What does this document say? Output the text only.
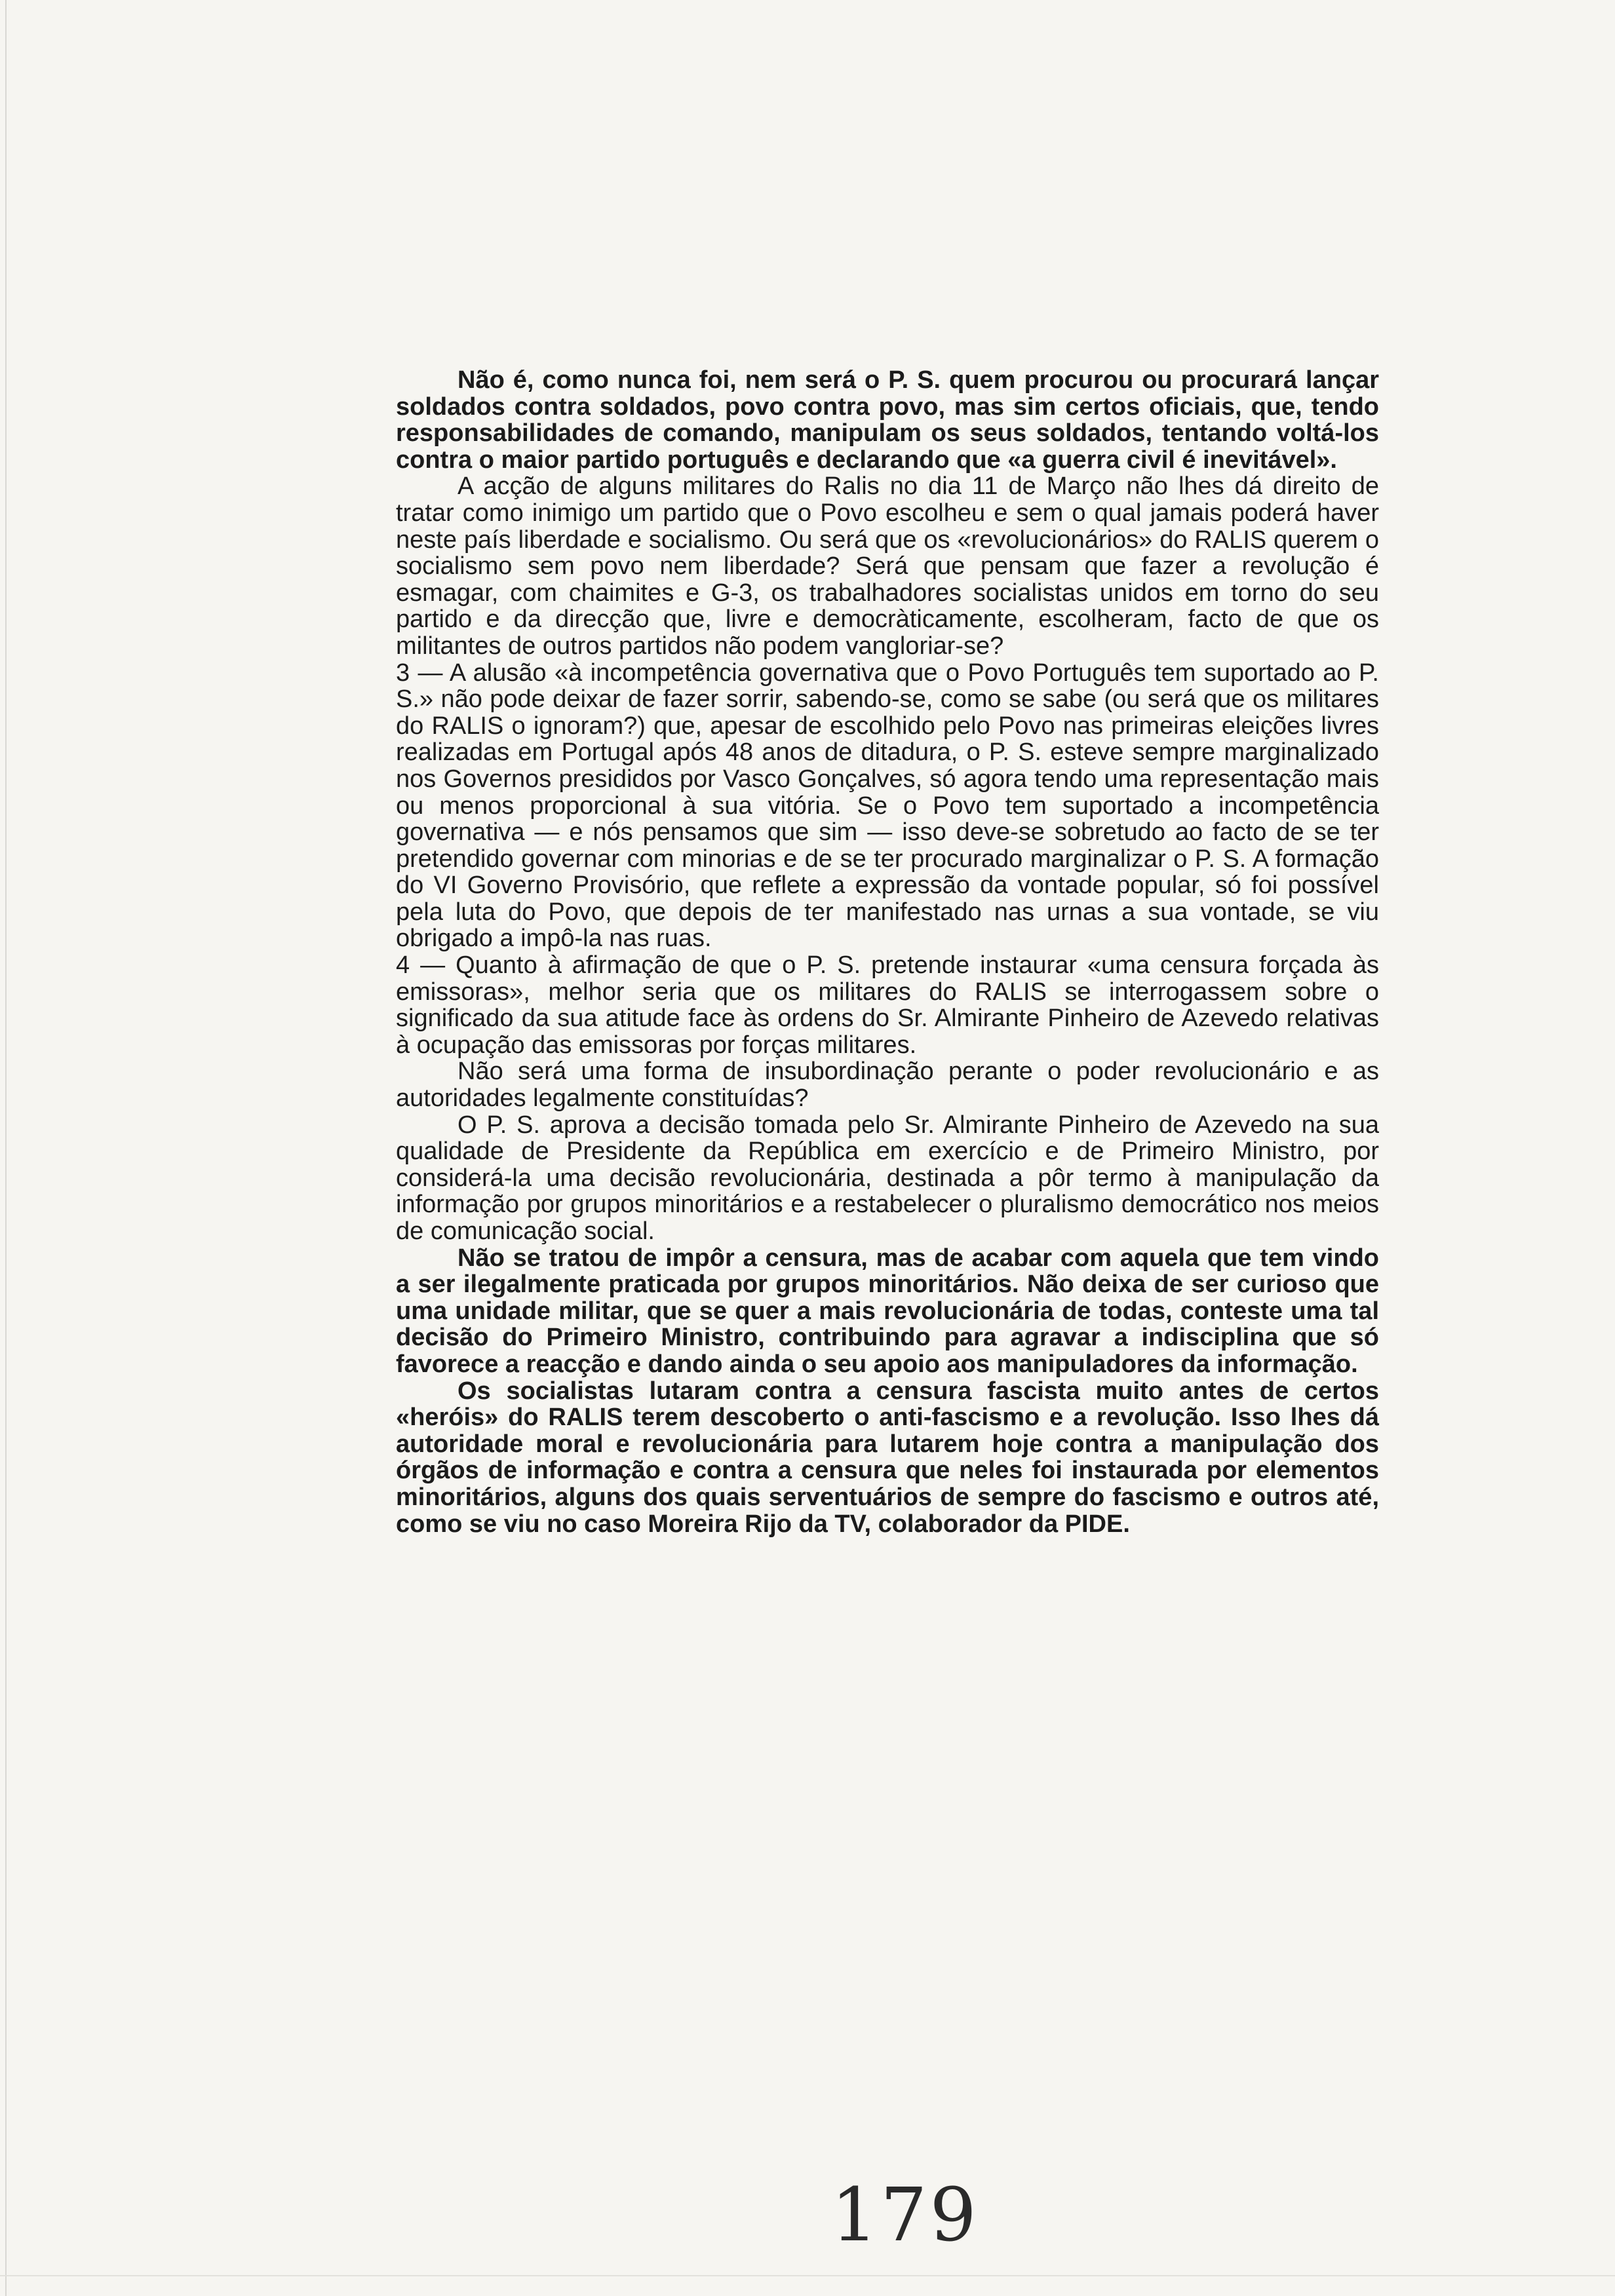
Não é, como nunca foi, nem será o P. S. quem procurou ou procurará lançar soldados contra soldados, povo contra povo, mas sim certos oficiais, que, tendo responsabilidades de comando, manipulam os seus soldados, tentando voltá-los contra o maior partido português e declarando que «a guerra civil é inevitável».

A acção de alguns militares do Ralis no dia 11 de Março não lhes dá direito de tratar como inimigo um partido que o Povo escolheu e sem o qual jamais poderá haver neste país liberdade e socialismo. Ou será que os «revolucionários» do RALIS querem o socialismo sem povo nem liberdade? Será que pensam que fazer a revolução é esmagar, com chaimites e G-3, os trabalhadores socialistas unidos em torno do seu partido e da direcção que, livre e democràticamente, escolheram, facto de que os militantes de outros partidos não podem vangloriar-se?

3 — A alusão «à incompetência governativa que o Povo Português tem suportado ao P. S.» não pode deixar de fazer sorrir, sabendo-se, como se sabe (ou será que os militares do RALIS o ignoram?) que, apesar de escolhido pelo Povo nas primeiras eleições livres realizadas em Portugal após 48 anos de ditadura, o P. S. esteve sempre marginalizado nos Governos presididos por Vasco Gonçalves, só agora tendo uma representação mais ou menos proporcional à sua vitória. Se o Povo tem suportado a incompetência governativa — e nós pensamos que sim — isso deve-se sobretudo ao facto de se ter pretendido governar com minorias e de se ter procurado marginalizar o P. S. A formação do VI Governo Provisório, que reflete a expressão da vontade popular, só foi possível pela luta do Povo, que depois de ter manifestado nas urnas a sua vontade, se viu obrigado a impô-la nas ruas.

4 — Quanto à afirmação de que o P. S. pretende instaurar «uma censura forçada às emissoras», melhor seria que os militares do RALIS se interrogassem sobre o significado da sua atitude face às ordens do Sr. Almirante Pinheiro de Azevedo relativas à ocupação das emissoras por forças militares.

Não será uma forma de insubordinação perante o poder revolucionário e as autoridades legalmente constituídas?

O P. S. aprova a decisão tomada pelo Sr. Almirante Pinheiro de Azevedo na sua qualidade de Presidente da República em exercício e de Primeiro Ministro, por considerá-la uma decisão revolucionária, destinada a pôr termo à manipulação da informação por grupos minoritários e a restabelecer o pluralismo democrático nos meios de comunicação social.

Não se tratou de impôr a censura, mas de acabar com aquela que tem vindo a ser ilegalmente praticada por grupos minoritários. Não deixa de ser curioso que uma unidade militar, que se quer a mais revolucionária de todas, conteste uma tal decisão do Primeiro Ministro, contribuindo para agravar a indisciplina que só favorece a reacção e dando ainda o seu apoio aos manipuladores da informação.

Os socialistas lutaram contra a censura fascista muito antes de certos «heróis» do RALIS terem descoberto o anti-fascismo e a revolução. Isso lhes dá autoridade moral e revolucionária para lutarem hoje contra a manipulação dos órgãos de informação e contra a censura que neles foi instaurada por elementos minoritários, alguns dos quais serventuários de sempre do fascismo e outros até, como se viu no caso Moreira Rijo da TV, colaborador da PIDE.

179
